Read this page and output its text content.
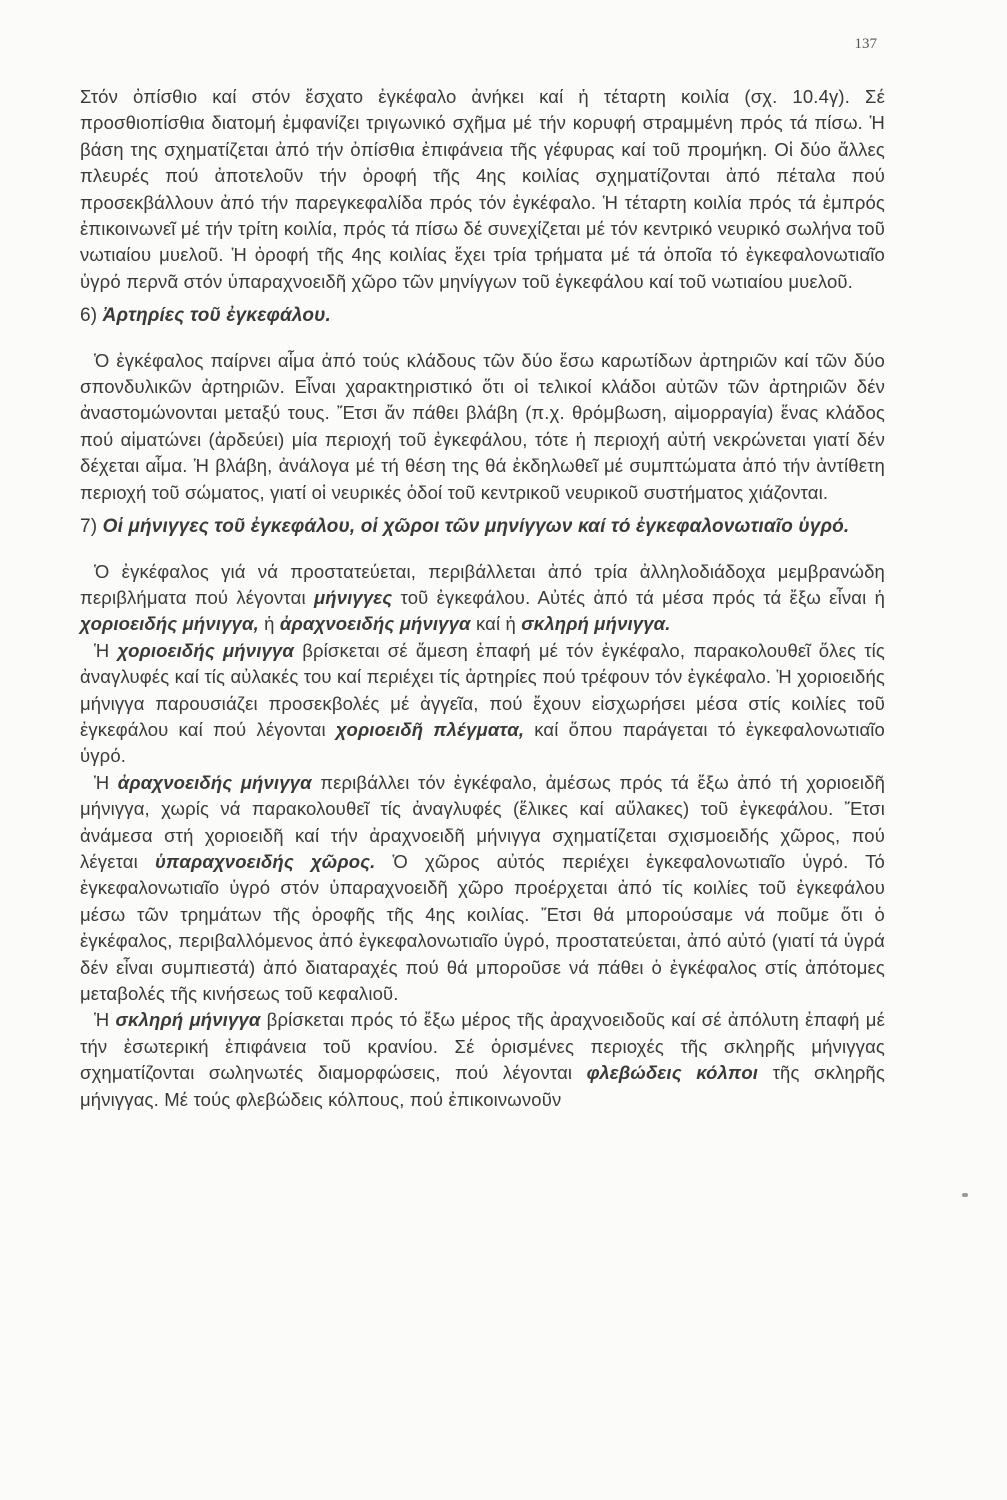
137

Στόν ὀπίσθιο καί στόν ἔσχατο ἐγκέφαλο ἀνήκει καί ἡ τέταρτη κοιλία (σχ. 10.4γ). Σέ προσθιοπίσθια διατομή ἐμφανίζει τριγωνικό σχῆμα μέ τήν κορυφή στραμμένη πρός τά πίσω. Ἡ βάση της σχηματίζεται ἀπό τήν ὀπίσθια ἐπιφάνεια τῆς γέφυρας καί τοῦ προμήκη. Οἱ δύο ἄλλες πλευρές πού ἀποτελοῦν τήν ὀροφή τῆς 4ης κοιλίας σχηματίζονται ἀπό πέταλα πού προσεκβάλλουν ἀπό τήν παρεγκεφαλίδα πρός τόν ἐγκέφαλο. Ἡ τέταρτη κοιλία πρός τά ἐμπρός ἐπικοινωνεῖ μέ τήν τρίτη κοιλία, πρός τά πίσω δέ συνεχίζεται μέ τόν κεντρικό νευρικό σωλήνα τοῦ νωτιαίου μυελοῦ. Ἡ ὀροφή τῆς 4ης κοιλίας ἔχει τρία τρήματα μέ τά ὁποῖα τό ἐγκεφαλονωτιαῖο ὑγρό περνᾶ στόν ὑπαραχνοειδῆ χῶρο τῶν μηνίγγων τοῦ ἐγκεφάλου καί τοῦ νωτιαίου μυελοῦ.

6) Ἀρτηρίες τοῦ ἐγκεφάλου.

Ὁ ἐγκέφαλος παίρνει αἷμα ἀπό τούς κλάδους τῶν δύο ἔσω καρωτίδων ἀρτηριῶν καί τῶν δύο σπονδυλικῶν ἀρτηριῶν. Εἶναι χαρακτηριστικό ὅτι οἱ τελικοί κλάδοι αὐτῶν τῶν ἀρτηριῶν δέν ἀναστομώνονται μεταξύ τους. Ἔτσι ἄν πάθει βλάβη (π.χ. θρόμβωση, αἱμορραγία) ἕνας κλάδος πού αἱματώνει (ἀρδεύει) μία περιοχή τοῦ ἐγκεφάλου, τότε ἡ περιοχή αὐτή νεκρώνεται γιατί δέν δέχεται αἷμα. Ἡ βλάβη, ἀνάλογα μέ τή θέση της θά ἐκδηλωθεῖ μέ συμπτώματα ἀπό τήν ἀντίθετη περιοχή τοῦ σώματος, γιατί οἱ νευρικές ὁδοί τοῦ κεντρικοῦ νευρικοῦ συστήματος χιάζονται.

7) Οἱ μήνιγγες τοῦ ἐγκεφάλου, οἱ χῶροι τῶν μηνίγγων καί τό ἐγκεφαλονωτιαῖο ὑγρό.

Ὁ ἐγκέφαλος γιά νά προστατεύεται, περιβάλλεται ἀπό τρία ἀλληλοδιάδοχα μεμβρανώδη περιβλήματα πού λέγονται μήνιγγες τοῦ ἐγκεφάλου. Αὐτές ἀπό τά μέσα πρός τά ἔξω εἶναι ἡ χοριοειδής μήνιγγα, ἡ ἀραχνοειδής μήνιγγα καί ἡ σκληρή μήνιγγα.

Ἡ χοριοειδής μήνιγγα βρίσκεται σέ ἄμεση ἐπαφή μέ τόν ἐγκέφαλο, παρακολουθεῖ ὅλες τίς ἀναγλυφές καί τίς αὐλακές του καί περιέχει τίς ἀρτηρίες πού τρέφουν τόν ἐγκέφαλο. Ἡ χοριοειδής μήνιγγα παρουσιάζει προσεκβολές μέ ἀγγεῖα, πού ἔχουν εἰσχωρήσει μέσα στίς κοιλίες τοῦ ἐγκεφάλου καί πού λέγονται χοριοειδῆ πλέγματα, καί ὅπου παράγεται τό ἐγκεφαλονωτιαῖο ὑγρό.

Ἡ ἀραχνοειδής μήνιγγα περιβάλλει τόν ἐγκέφαλο, ἀμέσως πρός τά ἔξω ἀπό τή χοριοειδῆ μήνιγγα, χωρίς νά παρακολουθεῖ τίς ἀναγλυφές (ἕλικες καί αὔλακες) τοῦ ἐγκεφάλου. Ἔτσι ἀνάμεσα στή χοριοειδῆ καί τήν ἀραχνοειδῆ μήνιγγα σχηματίζεται σχισμοειδής χῶρος, πού λέγεται ὑπαραχνοειδής χῶρος. Ὁ χῶρος αὐτός περιέχει ἐγκεφαλονωτιαῖο ὑγρό. Τό ἐγκεφαλονωτιαῖο ὑγρό στόν ὑπαραχνοειδῆ χῶρο προέρχεται ἀπό τίς κοιλίες τοῦ ἐγκεφάλου μέσω τῶν τρημάτων τῆς ὀροφῆς τῆς 4ης κοιλίας. Ἔτσι θά μπορούσαμε νά ποῦμε ὅτι ὁ ἐγκέφαλος, περιβαλλόμενος ἀπό ἐγκεφαλονωτιαῖο ὑγρό, προστατεύεται, ἀπό αὐτό (γιατί τά ὑγρά δέν εἶναι συμπιεστά) ἀπό διαταραχές πού θά μποροῦσε νά πάθει ὁ ἐγκέφαλος στίς ἀπότομες μεταβολές τῆς κινήσεως τοῦ κεφαλιοῦ.

Ἡ σκληρή μήνιγγα βρίσκεται πρός τό ἔξω μέρος τῆς ἀραχνοειδοῦς καί σέ ἀπόλυτη ἐπαφή μέ τήν ἐσωτερική ἐπιφάνεια τοῦ κρανίου. Σέ ὁρισμένες περιοχές τῆς σκληρῆς μήνιγγας σχηματίζονται σωληνωτές διαμορφώσεις, πού λέγονται φλεβώδεις κόλποι τῆς σκληρῆς μήνιγγας. Μέ τούς φλεβώδεις κόλπους, πού ἐπικοινωνοῦν
